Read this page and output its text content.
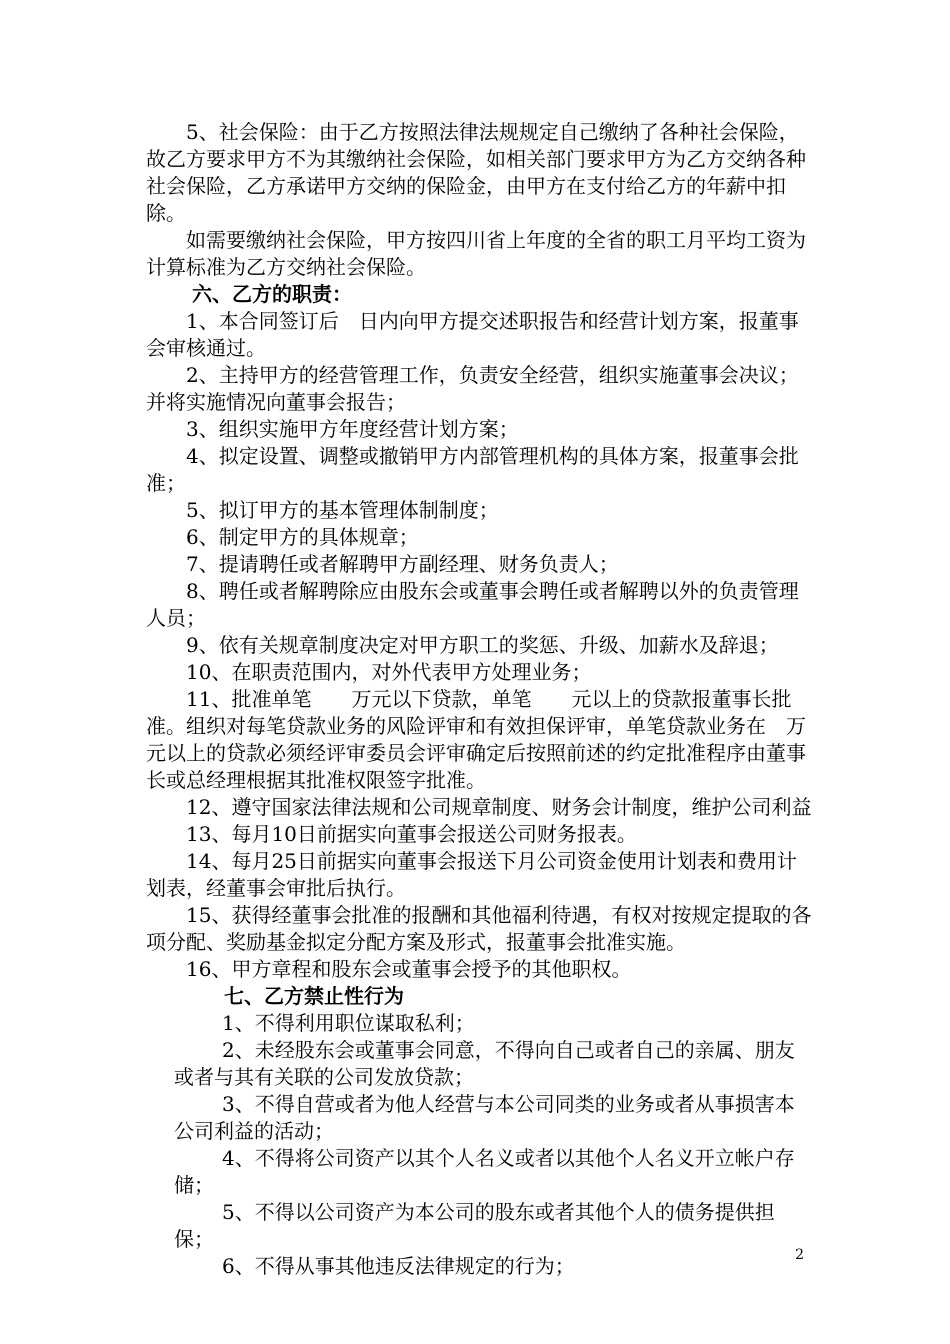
5、社会保险：由于乙方按照法律法规规定自己缴纳了各种社会保险，故乙方要求甲方不为其缴纳社会保险，如相关部门要求甲方为乙方交纳各种社会保险，乙方承诺甲方交纳的保险金，由甲方在支付给乙方的年薪中扣除。

如需要缴纳社会保险，甲方按四川省上年度的全省的职工月平均工资为计算标准为乙方交纳社会保险。

六、乙方的职责：

1、本合同签订后　日内向甲方提交述职报告和经营计划方案，报董事会审核通过。

2、主持甲方的经营管理工作，负责安全经营，组织实施董事会决议；并将实施情况向董事会报告；

3、组织实施甲方年度经营计划方案；

4、拟定设置、调整或撤销甲方内部管理机构的具体方案，报董事会批准；

5、拟订甲方的基本管理体制制度；

6、制定甲方的具体规章；

7、提请聘任或者解聘甲方副经理、财务负责人；

8、聘任或者解聘除应由股东会或董事会聘任或者解聘以外的负责管理人员；

9、依有关规章制度决定对甲方职工的奖惩、升级、加薪水及辞退；

10、在职责范围内，对外代表甲方处理业务；

11、批准单笔　　万元以下贷款，单笔　　元以上的贷款报董事长批准。组织对每笔贷款业务的风险评审和有效担保评审，单笔贷款业务在　万元以上的贷款必须经评审委员会评审确定后按照前述的约定批准程序由董事长或总经理根据其批准权限签字批准。

12、遵守国家法律法规和公司规章制度、财务会计制度，维护公司利益

13、每月10日前据实向董事会报送公司财务报表。

14、每月25日前据实向董事会报送下月公司资金使用计划表和费用计划表，经董事会审批后执行。

15、获得经董事会批准的报酬和其他福利待遇，有权对按规定提取的各项分配、奖励基金拟定分配方案及形式，报董事会批准实施。

16、甲方章程和股东会或董事会授予的其他职权。

七、乙方禁止性行为

1、不得利用职位谋取私利；

2、未经股东会或董事会同意，不得向自己或者自己的亲属、朋友或者与其有关联的公司发放贷款；

3、不得自营或者为他人经营与本公司同类的业务或者从事损害本公司利益的活动；

4、不得将公司资产以其个人名义或者以其他个人名义开立帐户存储；

5、不得以公司资产为本公司的股东或者其他个人的债务提供担保；

6、不得从事其他违反法律规定的行为；	2
